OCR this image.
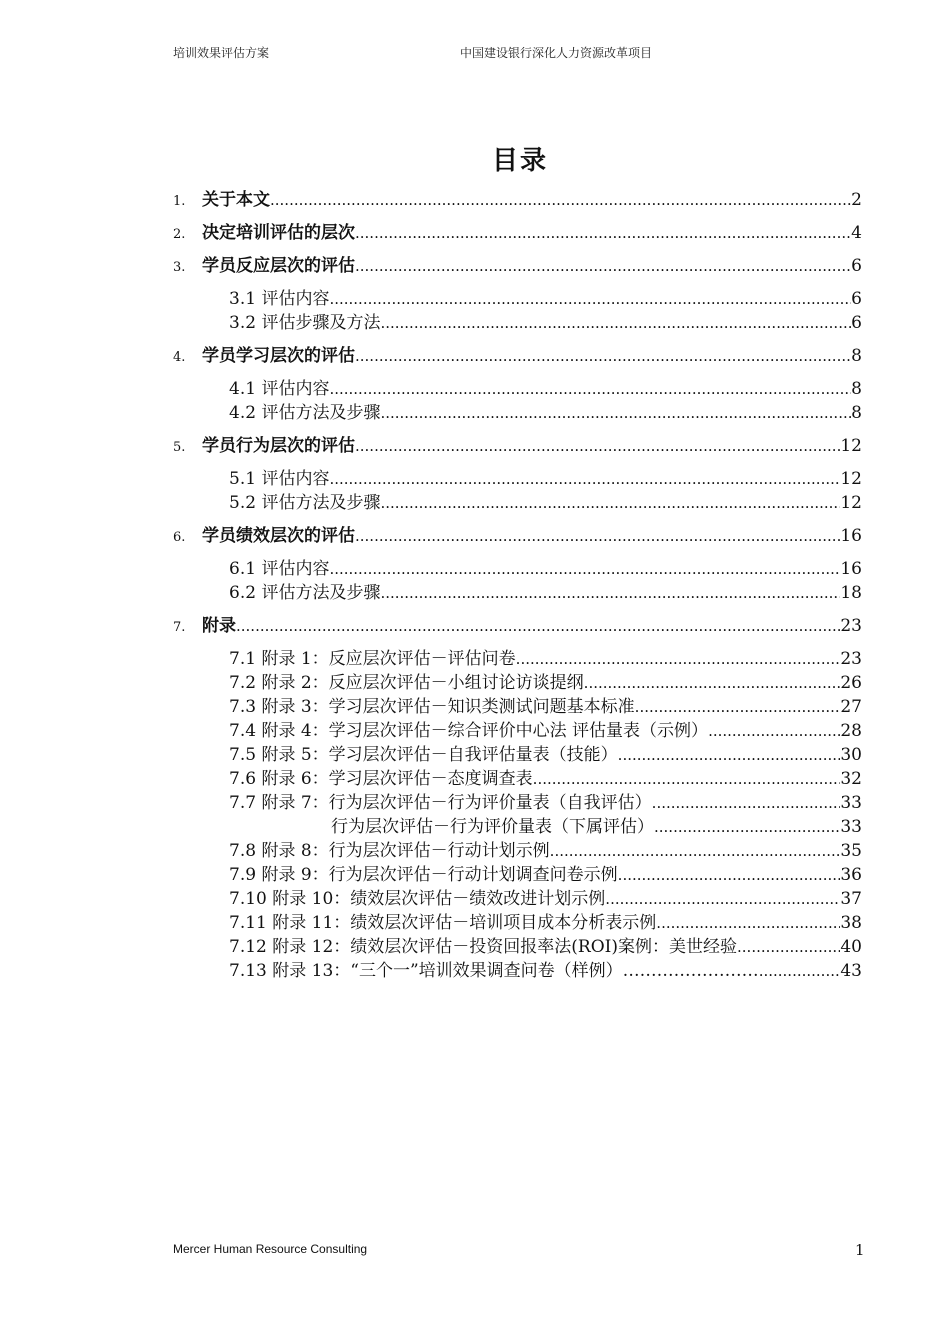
培训效果评估方案	中国建设银行深化人力资源改革项目
目录
1. 关于本文 .....	2
2. 决定培训评估的层次 .....	4
3. 学员反应层次的评估 .....	6
3.1 评估内容 .....	6
3.2 评估步骤及方法 .....	6
4. 学员学习层次的评估 .....	8
4.1 评估内容 .....	8
4.2 评估方法及步骤 .....	8
5. 学员行为层次的评估 .....	12
5.1 评估内容 .....	12
5.2 评估方法及步骤 .....	12
6. 学员绩效层次的评估 .....	16
6.1 评估内容 .....	16
6.2 评估方法及步骤 .....	18
7. 附录 .....	23
7.1 附录 1：反应层次评估－评估问卷 .....	23
7.2 附录 2：反应层次评估－小组讨论访谈提纲 .....	26
7.3 附录 3：学习层次评估－知识类测试问题基本标准 .....	27
7.4 附录 4：学习层次评估－综合评价中心法 评估量表（示例） .....	28
7.5 附录 5：学习层次评估－自我评估量表（技能） .....	30
7.6 附录 6：学习层次评估－态度调查表 .....	32
7.7 附录 7：行为层次评估－行为评价量表（自我评估） .....	33
　　　　　　行为层次评估－行为评价量表（下属评估） .....	33
7.8 附录 8：行为层次评估－行动计划示例 .....	35
7.9 附录 9：行为层次评估－行动计划调查问卷示例 .....	36
7.10 附录 10：绩效层次评估－绩效改进计划示例 .....	37
7.11 附录 11：绩效层次评估－培训项目成本分析表示例 .....	38
7.12 附录 12：绩效层次评估－投资回报率法(ROI)案例：美世经验 .....	40
7.13 附录 13：“三个一”培训效果调查问卷（样例）…………………… .....	43
Mercer Human Resource Consulting	1
